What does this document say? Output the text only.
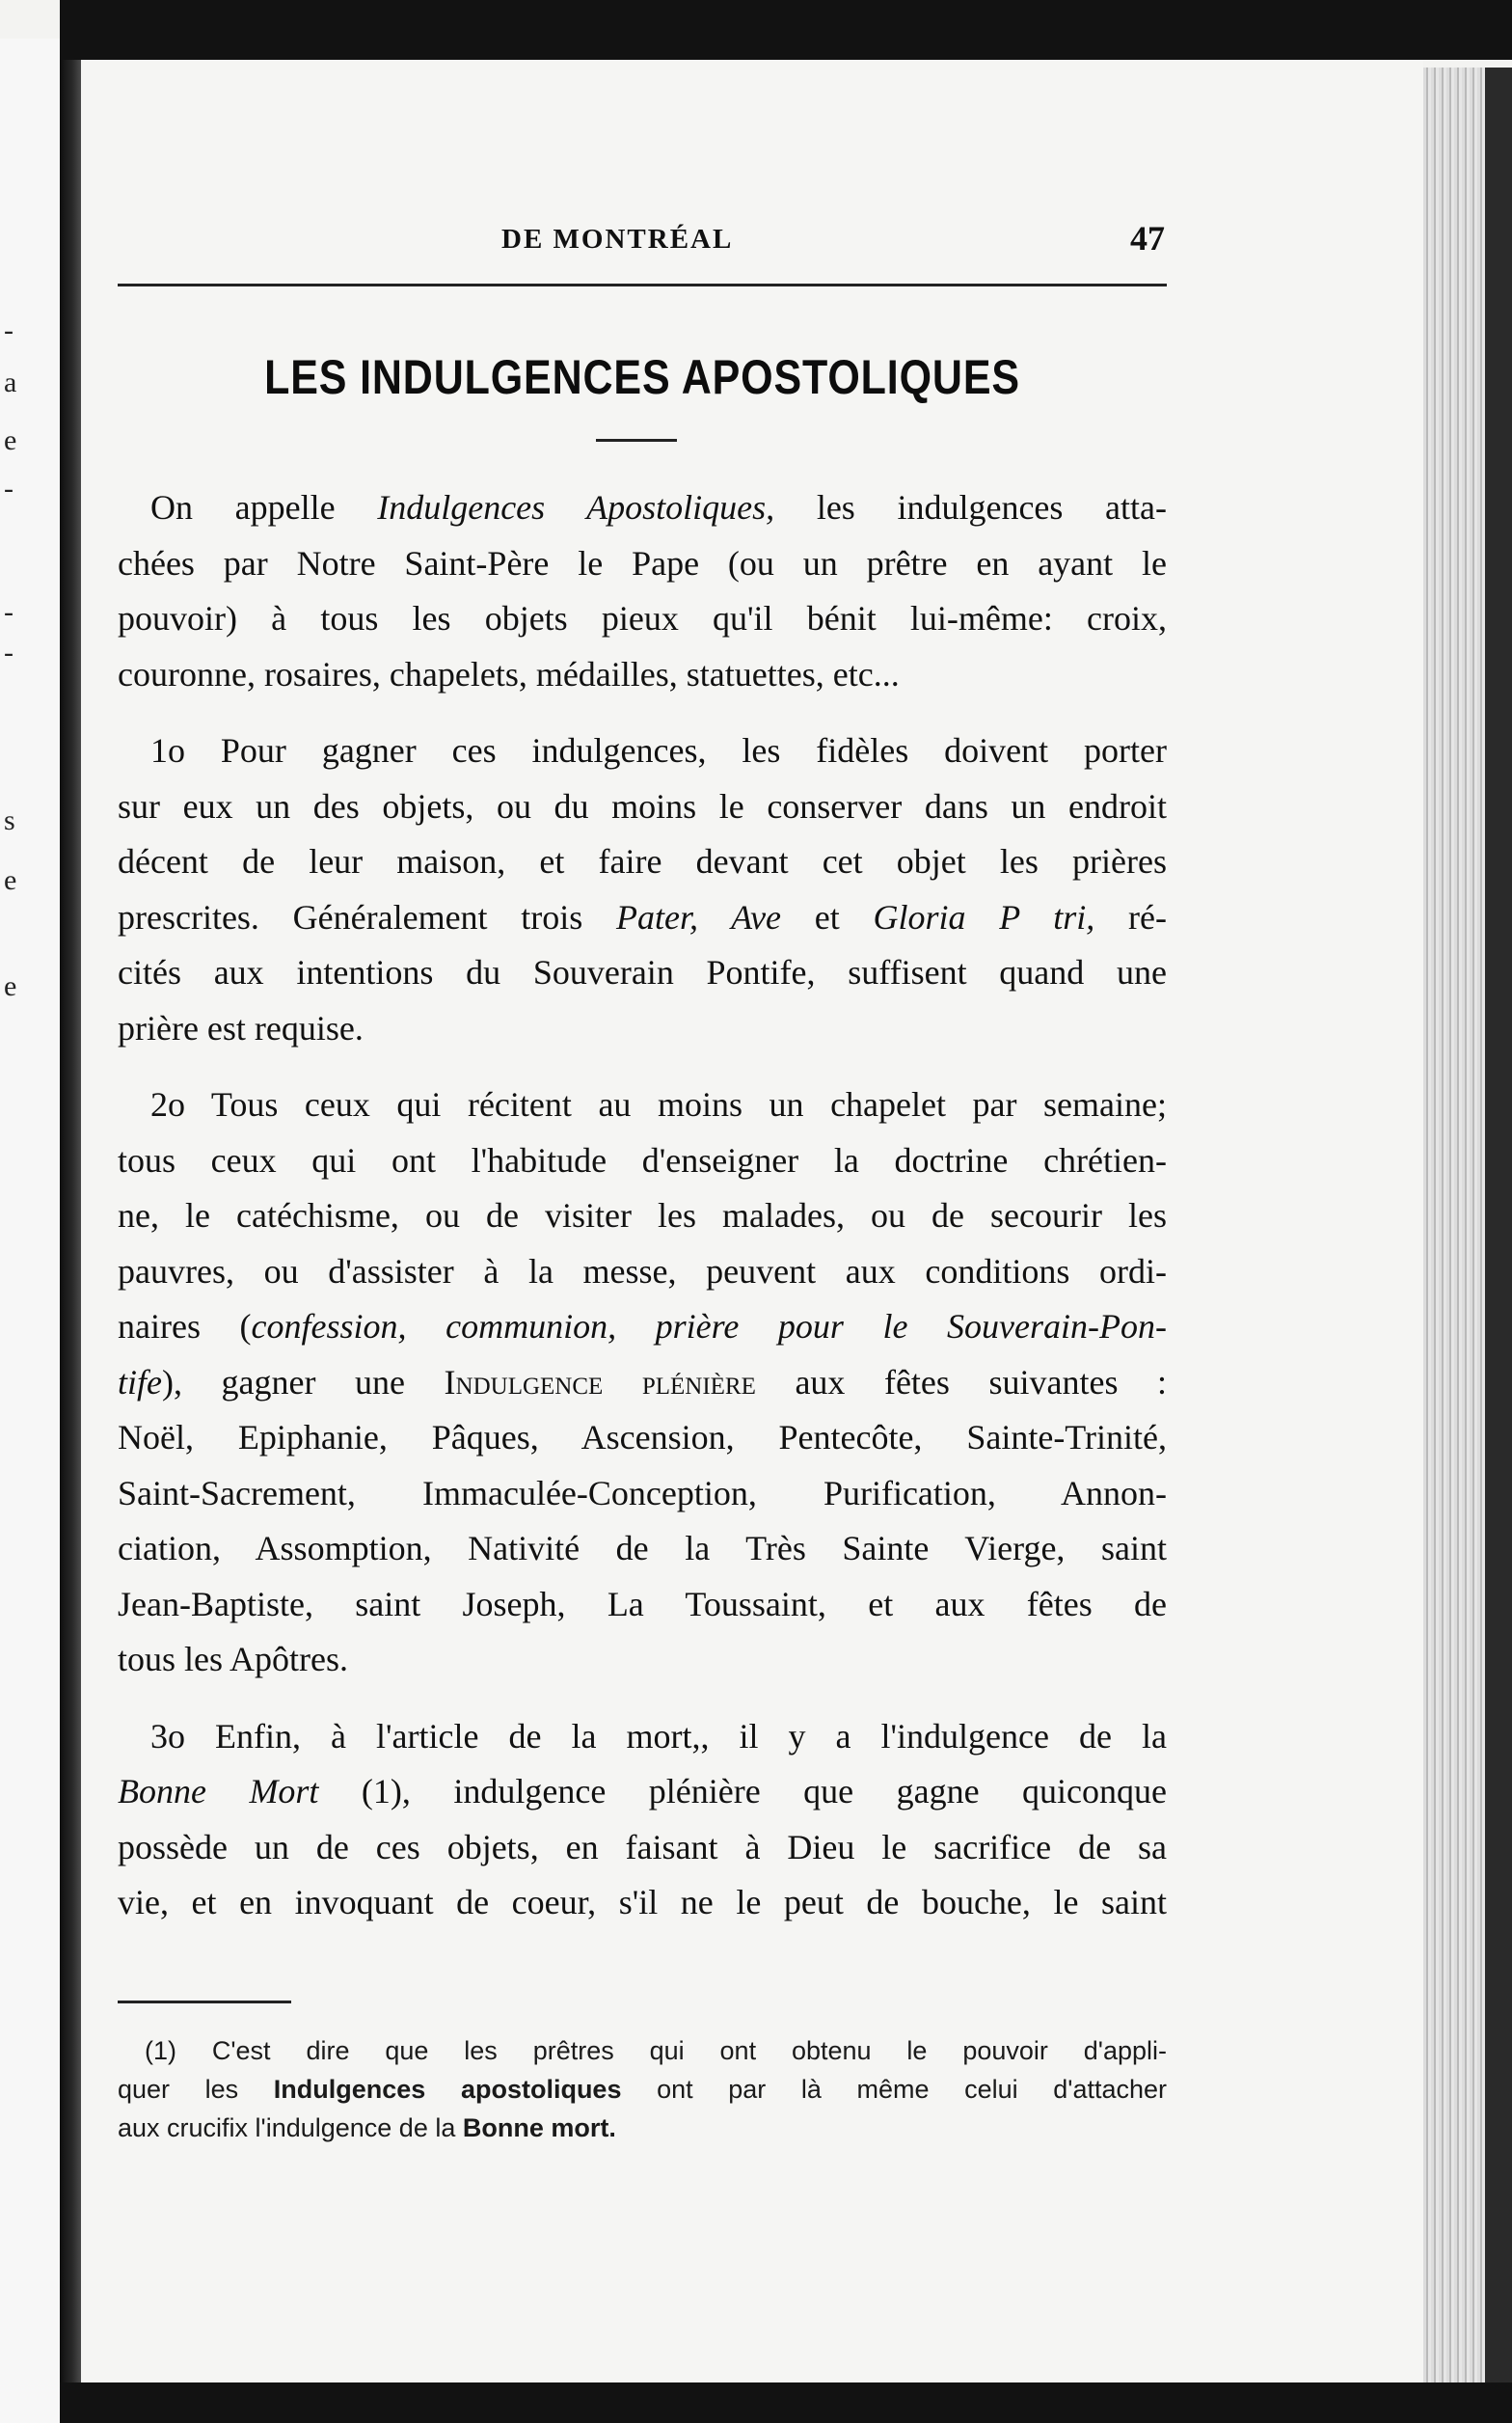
-
a
e
-
-
-
s
e
e
DE MONTRÉAL	47
LES INDULGENCES APOSTOLIQUES

On appelle Indulgences Apostoliques, les indulgences atta-
chées par Notre Saint-Père le Pape (ou un prêtre en ayant le
pouvoir) à tous les objets pieux qu'il bénit lui-même: croix,
couronne, rosaires, chapelets, médailles, statuettes, etc...

1o Pour gagner ces indulgences, les fidèles doivent porter
sur eux un des objets, ou du moins le conserver dans un endroit
décent de leur maison, et faire devant cet objet les prières
prescrites. Généralement trois Pater, Ave et Gloria P tri, ré-
cités aux intentions du Souverain Pontife, suffisent quand une
prière est requise.

2o Tous ceux qui récitent au moins un chapelet par semaine;
tous ceux qui ont l'habitude d'enseigner la doctrine chrétien-
ne, le catéchisme, ou de visiter les malades, ou de secourir les
pauvres, ou d'assister à la messe, peuvent aux conditions ordi-
naires (confession, communion, prière pour le Souverain-Pon-
tife), gagner une Indulgence plénière aux fêtes suivantes :
Noël, Epiphanie, Pâques, Ascension, Pentecôte, Sainte-Trinité,
Saint-Sacrement, Immaculée-Conception, Purification, Annon-
ciation, Assomption, Nativité de la Très Sainte Vierge, saint
Jean-Baptiste, saint Joseph, La Toussaint, et aux fêtes de
tous les Apôtres.

3o Enfin, à l'article de la mort,, il y a l'indulgence de la
Bonne Mort (1), indulgence plénière que gagne quiconque
possède un de ces objets, en faisant à Dieu le sacrifice de sa
vie, et en invoquant de coeur, s'il ne le peut de bouche, le saint

(1) C'est dire que les prêtres qui ont obtenu le pouvoir d'appli-
quer les Indulgences apostoliques ont par là même celui d'attacher
aux crucifix l'indulgence de la Bonne mort.
